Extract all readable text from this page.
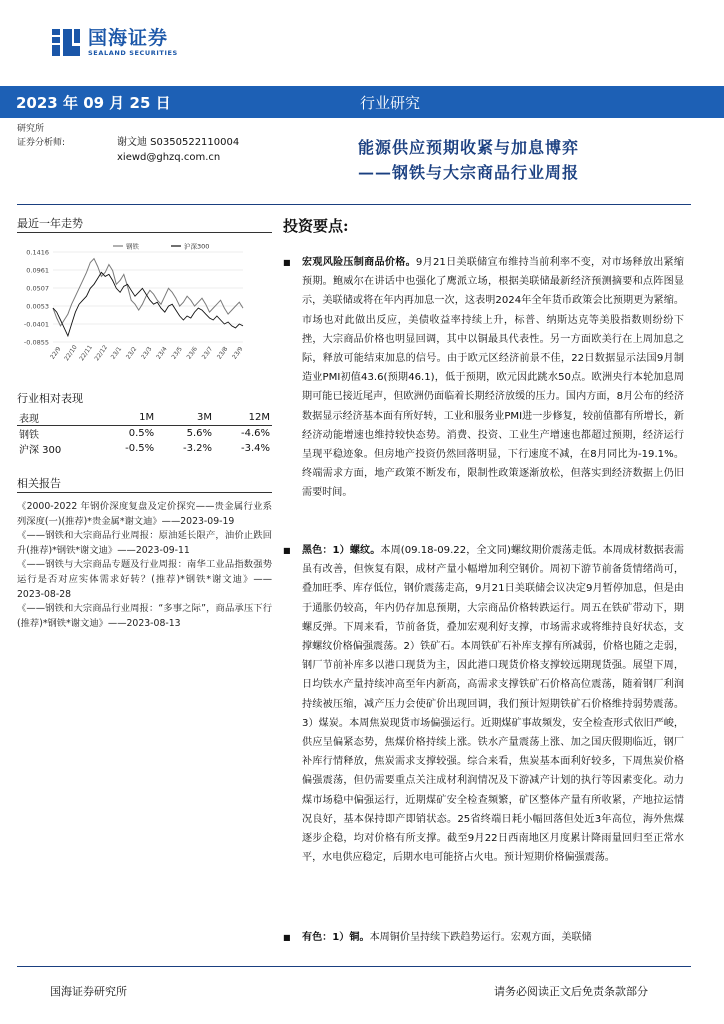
国海证券
SEALAND SECURITIES
2023 年 09 月 25 日	行业研究
研究所
证券分析师:	谢文迪 S0350522110004
xiewd@ghzq.com.cn
能源供应预期收紧与加息博弈
——钢铁与大宗商品行业周报
最近一年走势
0.1416
0.0961
0.0507
0.0053
-0.0401
-0.0855
22/9 22/10 22/11 22/12 23/1 23/2 23/3 23/4 23/5 23/6 23/7 23/8 23/9
钢铁	沪深300
行业相对表现
表现	1M	3M	12M
钢铁	0.5%	5.6%	-4.6%
沪深 300	-0.5%	-3.2%	-3.4%
相关报告

《2000-2022 年钢价深度复盘及定价探究——贵金属行业系列深度(一)(推荐)*贵金属*谢文迪》——2023-09-19

《——钢铁和大宗商品行业周报：原油延长限产，油价止跌回升(推荐)*钢铁*谢文迪》——2023-09-11

《——钢铁与大宗商品专题及行业周报：南华工业品指数强势运行是否对应实体需求好转？(推荐)*钢铁*谢文迪》——2023-08-28

《——钢铁和大宗商品行业周报：“多事之际”，商品承压下行(推荐)*钢铁*谢文迪》——2023-08-13

投资要点:
■ 宏观风险压制商品价格。9月21日美联储宣布维持当前利率不变，对市场释放出紧缩预期。鲍威尔在讲话中也强化了鹰派立场，根据美联储最新经济预测摘要和点阵图显示，美联储或将在年内再加息一次，这表明2024年全年货币政策会比预期更为紧缩。市场也对此做出反应，美债收益率持续上升，标普、纳斯达克等美股指数则纷纷下挫，大宗商品价格也明显回调，其中以铜最具代表性。另一方面欧美行在上周加息之际，释放可能结束加息的信号。由于欧元区经济前景不佳，22日数据显示法国9月制造业PMI初值43.6(预期46.1)，低于预期，欧元因此跳水50点。欧洲央行本轮加息周期可能已接近尾声，但欧洲仍面临着长期经济放缓的压力。国内方面，8月公布的经济数据显示经济基本面有所好转，工业和服务业PMI进一步修复，较前值都有所增长，新经济动能增速也维持较快态势。消费、投资、工业生产增速也都超过预期，经济运行呈现平稳迹象。但房地产投资仍然回落明显，下行速度不减，在8月同比为-19.1%。终端需求方面，地产政策不断发布，限制性政策逐渐放松，但落实到经济数据上仍旧需要时间。
■ 黑色：1）螺纹。本周(09.18-09.22，全文同)螺纹期价震荡走低。本周成材数据表需虽有改善，但恢复有限，成材产量小幅增加利空钢价。周初下游节前备货情绪尚可，叠加旺季、库存低位，钢价震荡走高，9月21日美联储会议决定9月暂停加息，但是由于通胀仍较高，年内仍存加息预期，大宗商品价格转跌运行。周五在铁矿带动下，期螺反弹。下周来看，节前备货，叠加宏观利好支撑，市场需求或将维持良好状态，支撑螺纹价格偏强震荡。2）铁矿石。本周铁矿石补库支撑有所减弱，价格也随之走弱，钢厂节前补库多以港口现货为主，因此港口现货价格支撑较远期现货强。展望下周，日均铁水产量持续冲高至年内新高，高需求支撑铁矿石价格高位震荡，随着钢厂利润持续被压缩，减产压力会使矿价出现回调，我们预计短期铁矿石价格维持弱势震荡。3）煤炭。本周焦炭现货市场偏强运行。近期煤矿事故频发，安全检查形式依旧严峻，供应呈偏紧态势，焦煤价格持续上涨。铁水产量震荡上涨、加之国庆假期临近，钢厂补库行情释放，焦炭需求支撑较强。综合来看，焦炭基本面利好较多，下周焦炭价格偏强震荡，但仍需要重点关注成材利润情况及下游减产计划的执行等因素变化。动力煤市场稳中偏强运行，近期煤矿安全检查频繁，矿区整体产量有所收紧，产地拉运情况良好，基本保持即产即销状态。25省终端日耗小幅回落但处近3年高位，海外焦煤逐步企稳，均对价格有所支撑。截至9月22日西南地区月度累计降雨量回归至正常水平，水电供应稳定，后期水电可能挤占火电。预计短期价格偏强震荡。
■ 有色：1）铜。本周铜价呈持续下跌趋势运行。宏观方面，美联储
国海证券研究所	请务必阅读正文后免责条款部分
